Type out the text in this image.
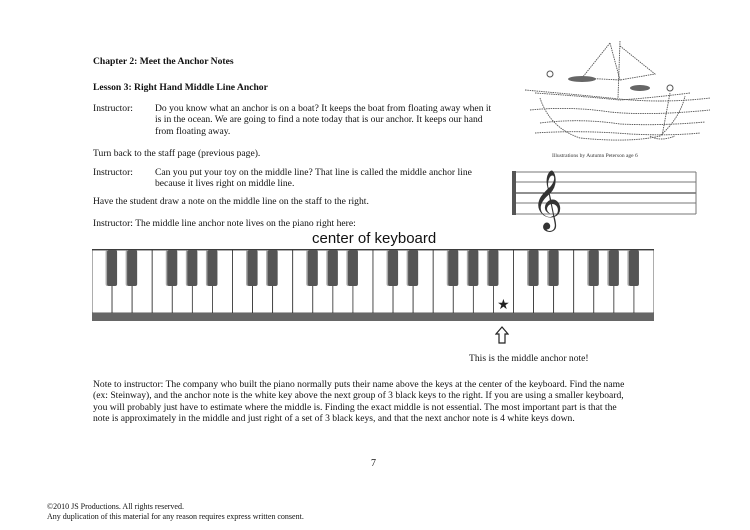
Chapter 2: Meet the Anchor Notes
Lesson 3: Right Hand Middle Line Anchor
Instructor: Do you know what an anchor is on a boat? It keeps the boat from floating away when it
is in the ocean. We are going to find a note today that is our anchor. It keeps our hand
from floating away.
Turn back to the staff page (previous page).
Instructor: Can you put your toy on the middle line? That line is called the middle anchor line
because it lives right on middle line.
Have the student draw a note on the middle line on the staff to the right.
Instructor: The middle line anchor note lives on the piano right here:
Illustrations by Autumn Peterson age 6
𝄞
center of keyboard
★
This is the middle anchor note!
Note to instructor: The company who built the piano normally puts their name above the keys at the center of the keyboard. Find the name
(ex: Steinway), and the anchor note is the white key above the next group of 3 black keys to the right. If you are using a smaller keyboard,
you will probably just have to estimate where the middle is. Finding the exact middle is not essential. The most important part is that the
note is approximately in the middle and just right of a set of 3 black keys, and that the next anchor note is 4 white keys down.
7
©2010 JS Productions. All rights reserved.
Any duplication of this material for any reason requires express written consent.
